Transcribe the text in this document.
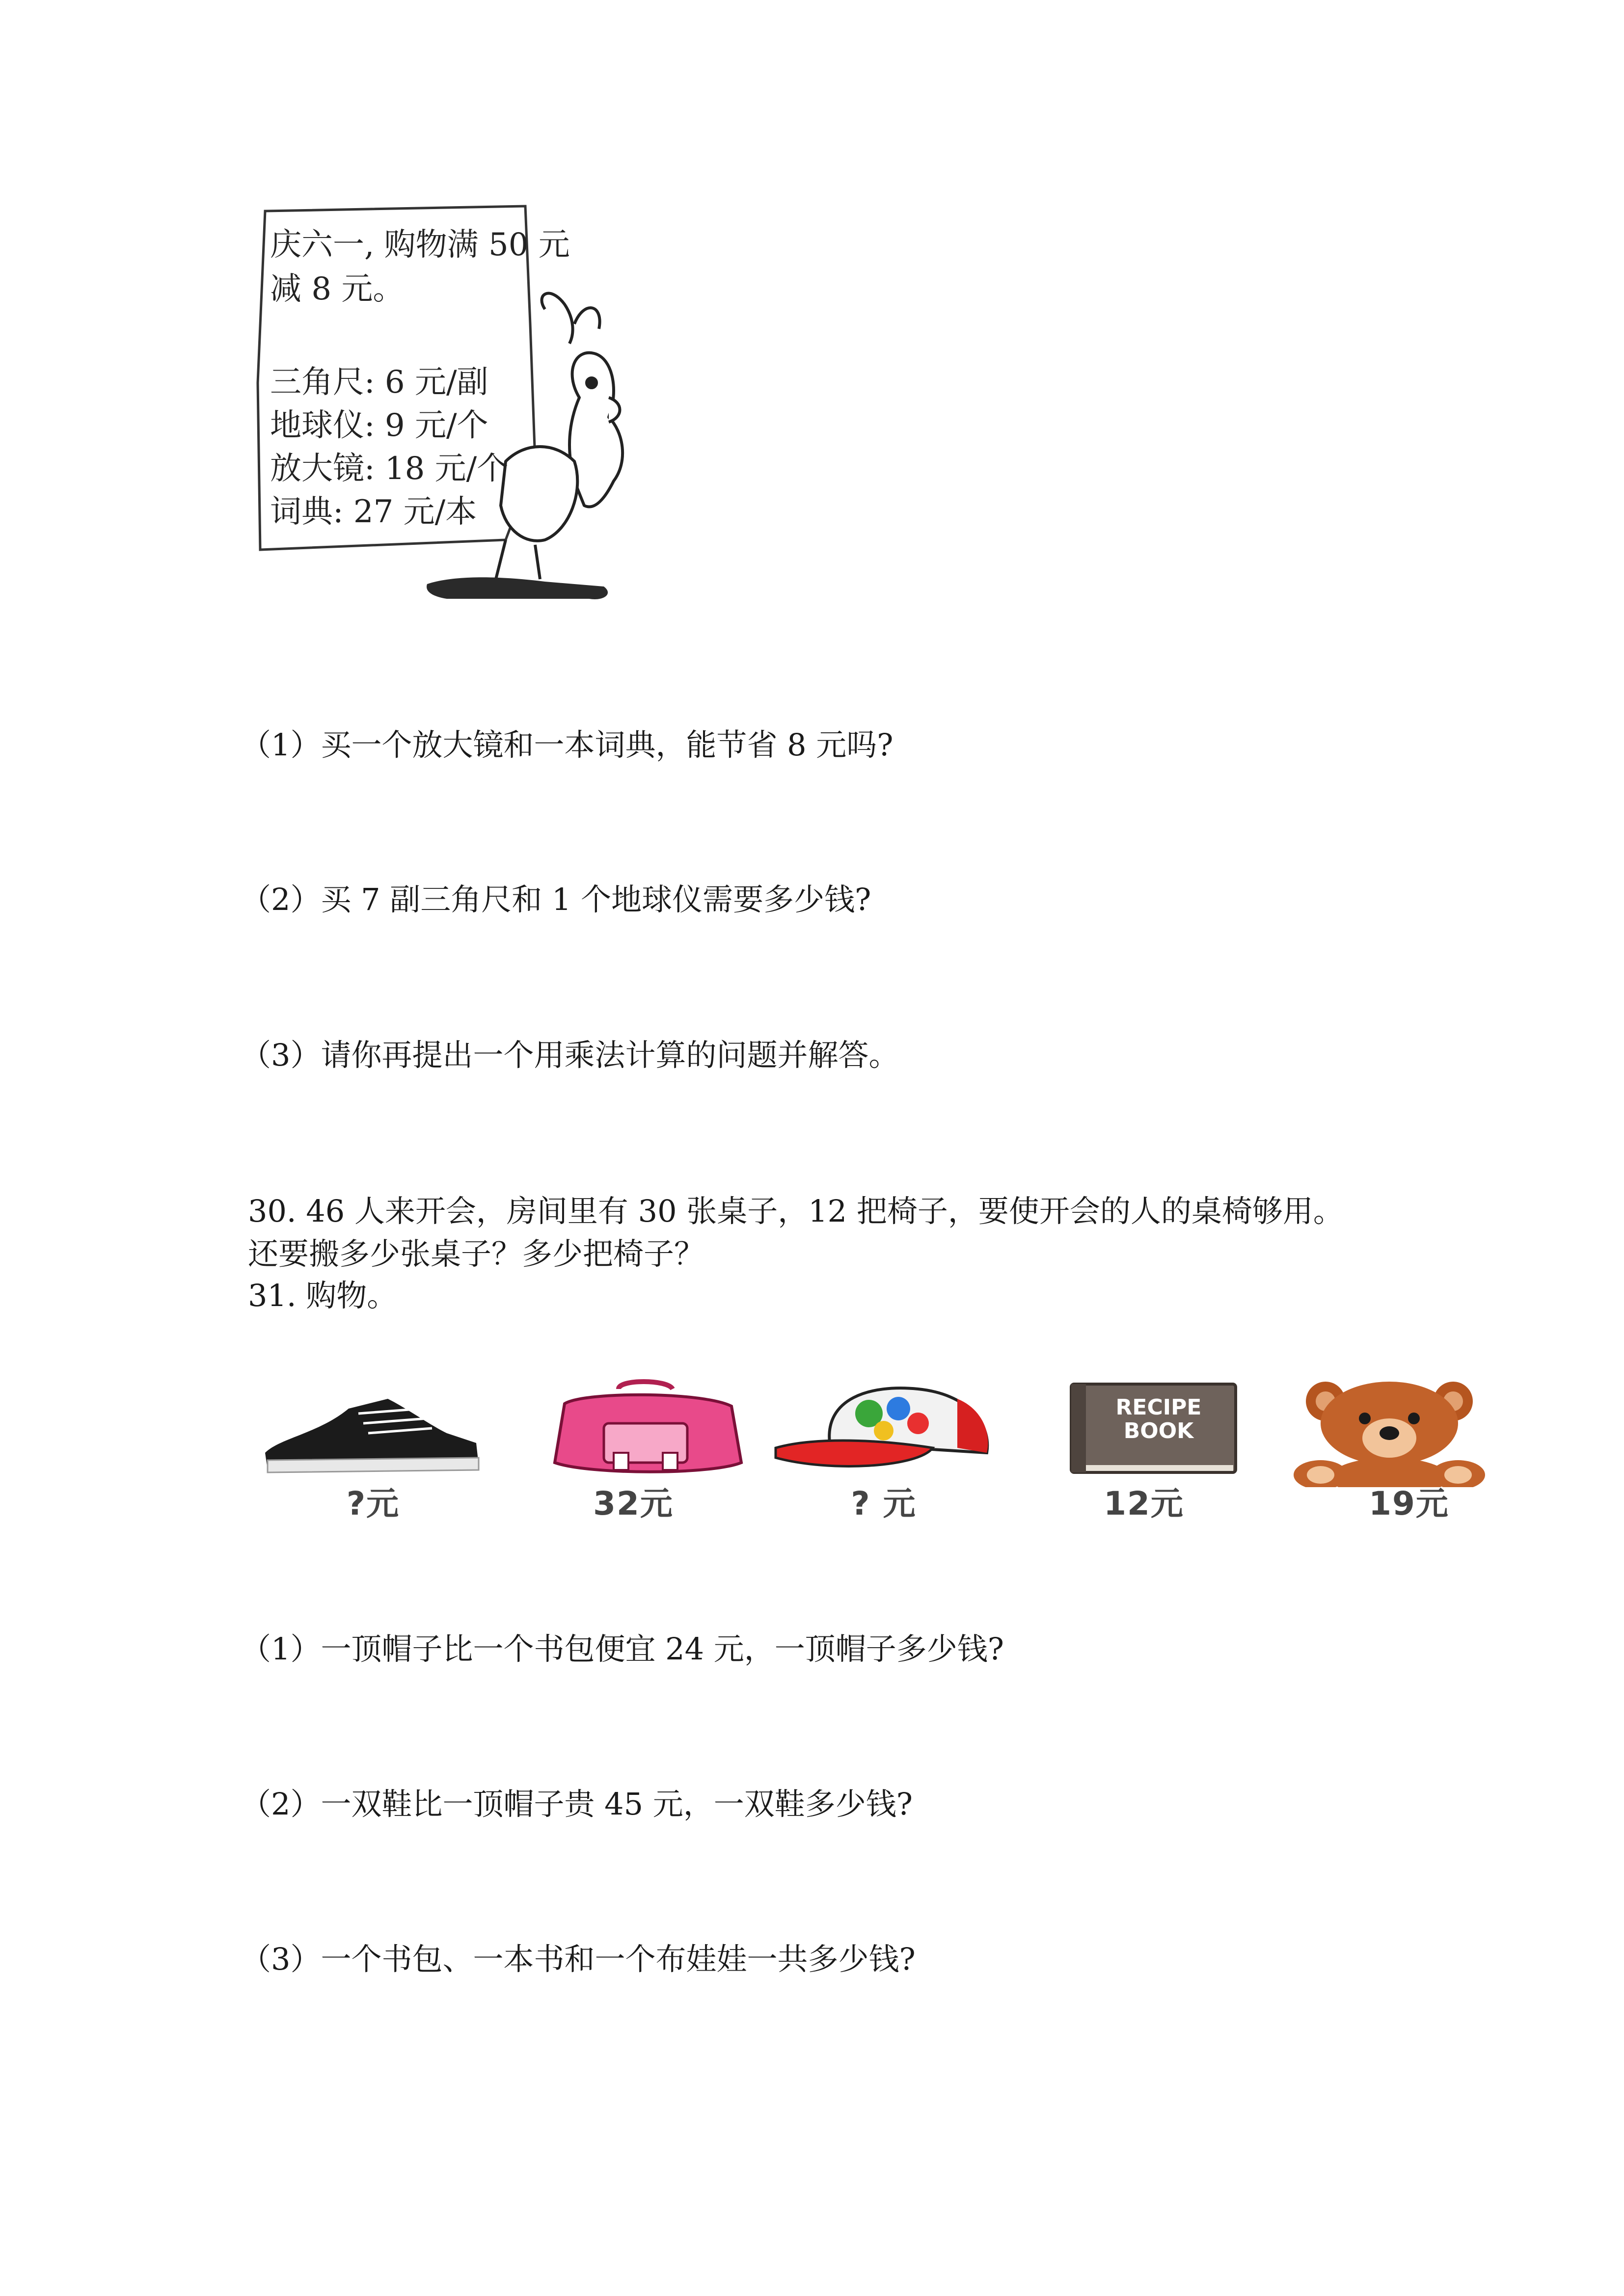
庆六一, 购物满 50 元
减 8 元。
三角尺: 6 元/副
地球仪: 9 元/个
放大镜: 18 元/个
词典: 27 元/本
（1）买一个放大镜和一本词典，能节省 8 元吗?
（2）买 7 副三角尺和 1 个地球仪需要多少钱?
（3）请你再提出一个用乘法计算的问题并解答。
30. 46 人来开会，房间里有 30 张桌子，12 把椅子，要使开会的人的桌椅够用。
还要搬多少张桌子？多少把椅子？
31. 购物。
?元	32元	? 元
RECIPE
BOOK
12元	19元
（1）一顶帽子比一个书包便宜 24 元，一顶帽子多少钱?
（2）一双鞋比一顶帽子贵 45 元，一双鞋多少钱?
（3）一个书包、一本书和一个布娃娃一共多少钱?
